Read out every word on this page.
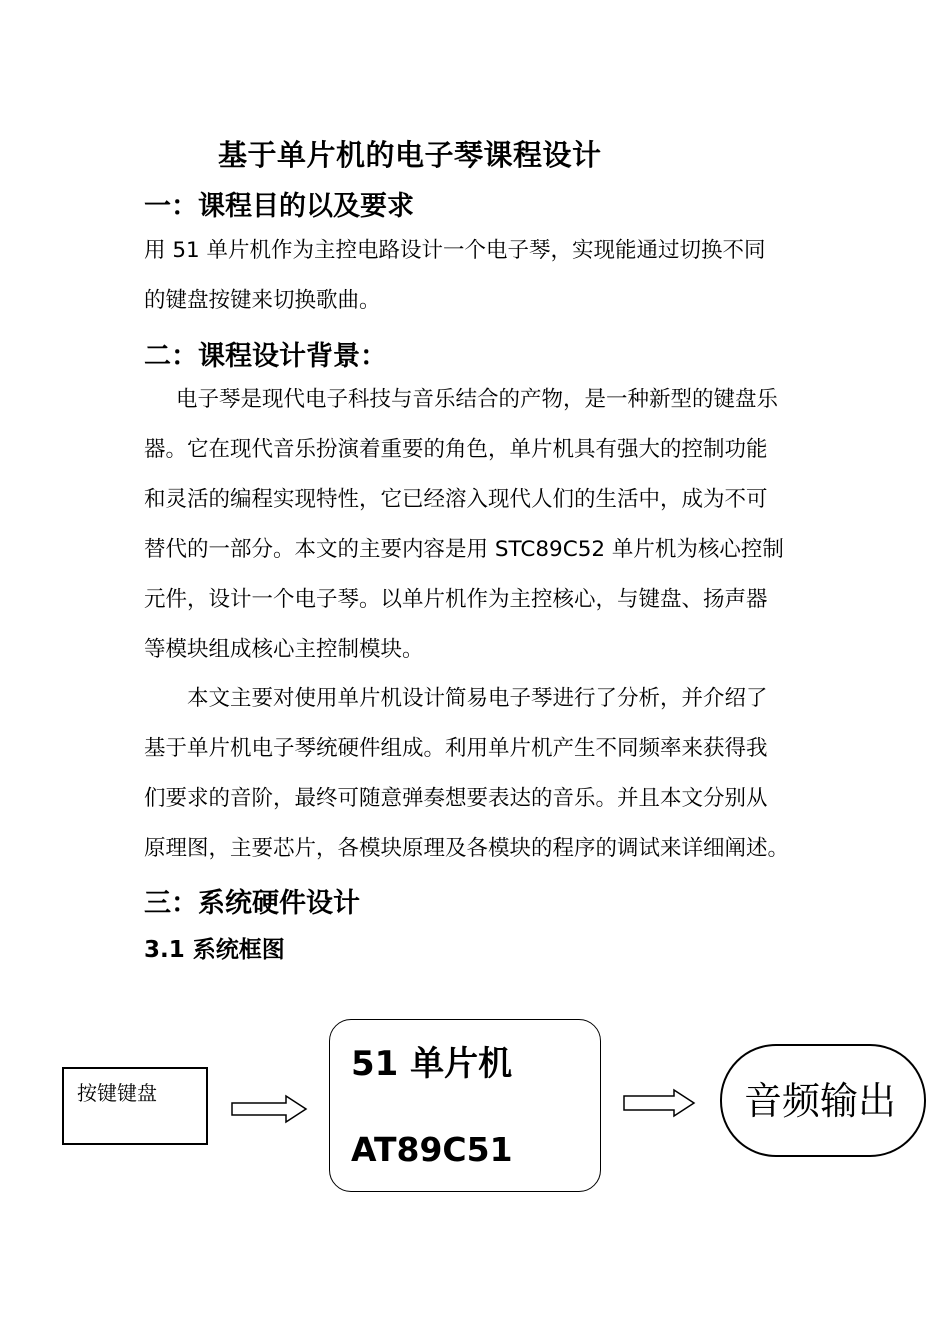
基于单片机的电子琴课程设计
一：课程目的以及要求
用 51 单片机作为主控电路设计一个电子琴，实现能通过切换不同
的键盘按键来切换歌曲。
二：课程设计背景：
电子琴是现代电子科技与音乐结合的产物，是一种新型的键盘乐
器。它在现代音乐扮演着重要的角色，单片机具有强大的控制功能
和灵活的编程实现特性，它已经溶入现代人们的生活中，成为不可
替代的一部分。本文的主要内容是用 STC89C52 单片机为核心控制
元件，设计一个电子琴。以单片机作为主控核心，与键盘、扬声器
等模块组成核心主控制模块。
本文主要对使用单片机设计简易电子琴进行了分析，并介绍了
基于单片机电子琴统硬件组成。利用单片机产生不同频率来获得我
们要求的音阶，最终可随意弹奏想要表达的音乐。并且本文分别从
原理图，主要芯片，各模块原理及各模块的程序的调试来详细阐述。
三：系统硬件设计
3.1 系统框图
按键键盘
51 单片机
AT89C51
音频输出
